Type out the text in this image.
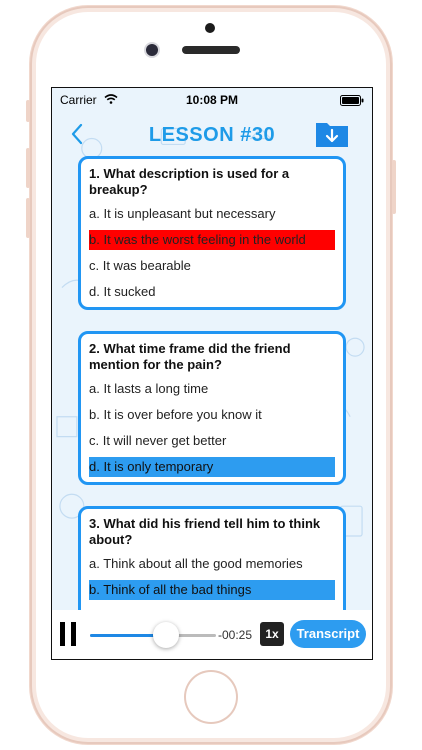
Carrier	10:08 PM
LESSON #30
1. What description is used for a breakup?
a. It is unpleasant but necessary
b. It was the worst feeling in the world
c. It was bearable
d. It sucked
2. What time frame did the friend mention for the pain?
a. It lasts a long time
b. It is over before you know it
c. It will never get better
d. It is only temporary
3. What did his friend tell him to think about?
a. Think about all the good memories
b. Think of all the bad things
-00:25	1x	Transcript
